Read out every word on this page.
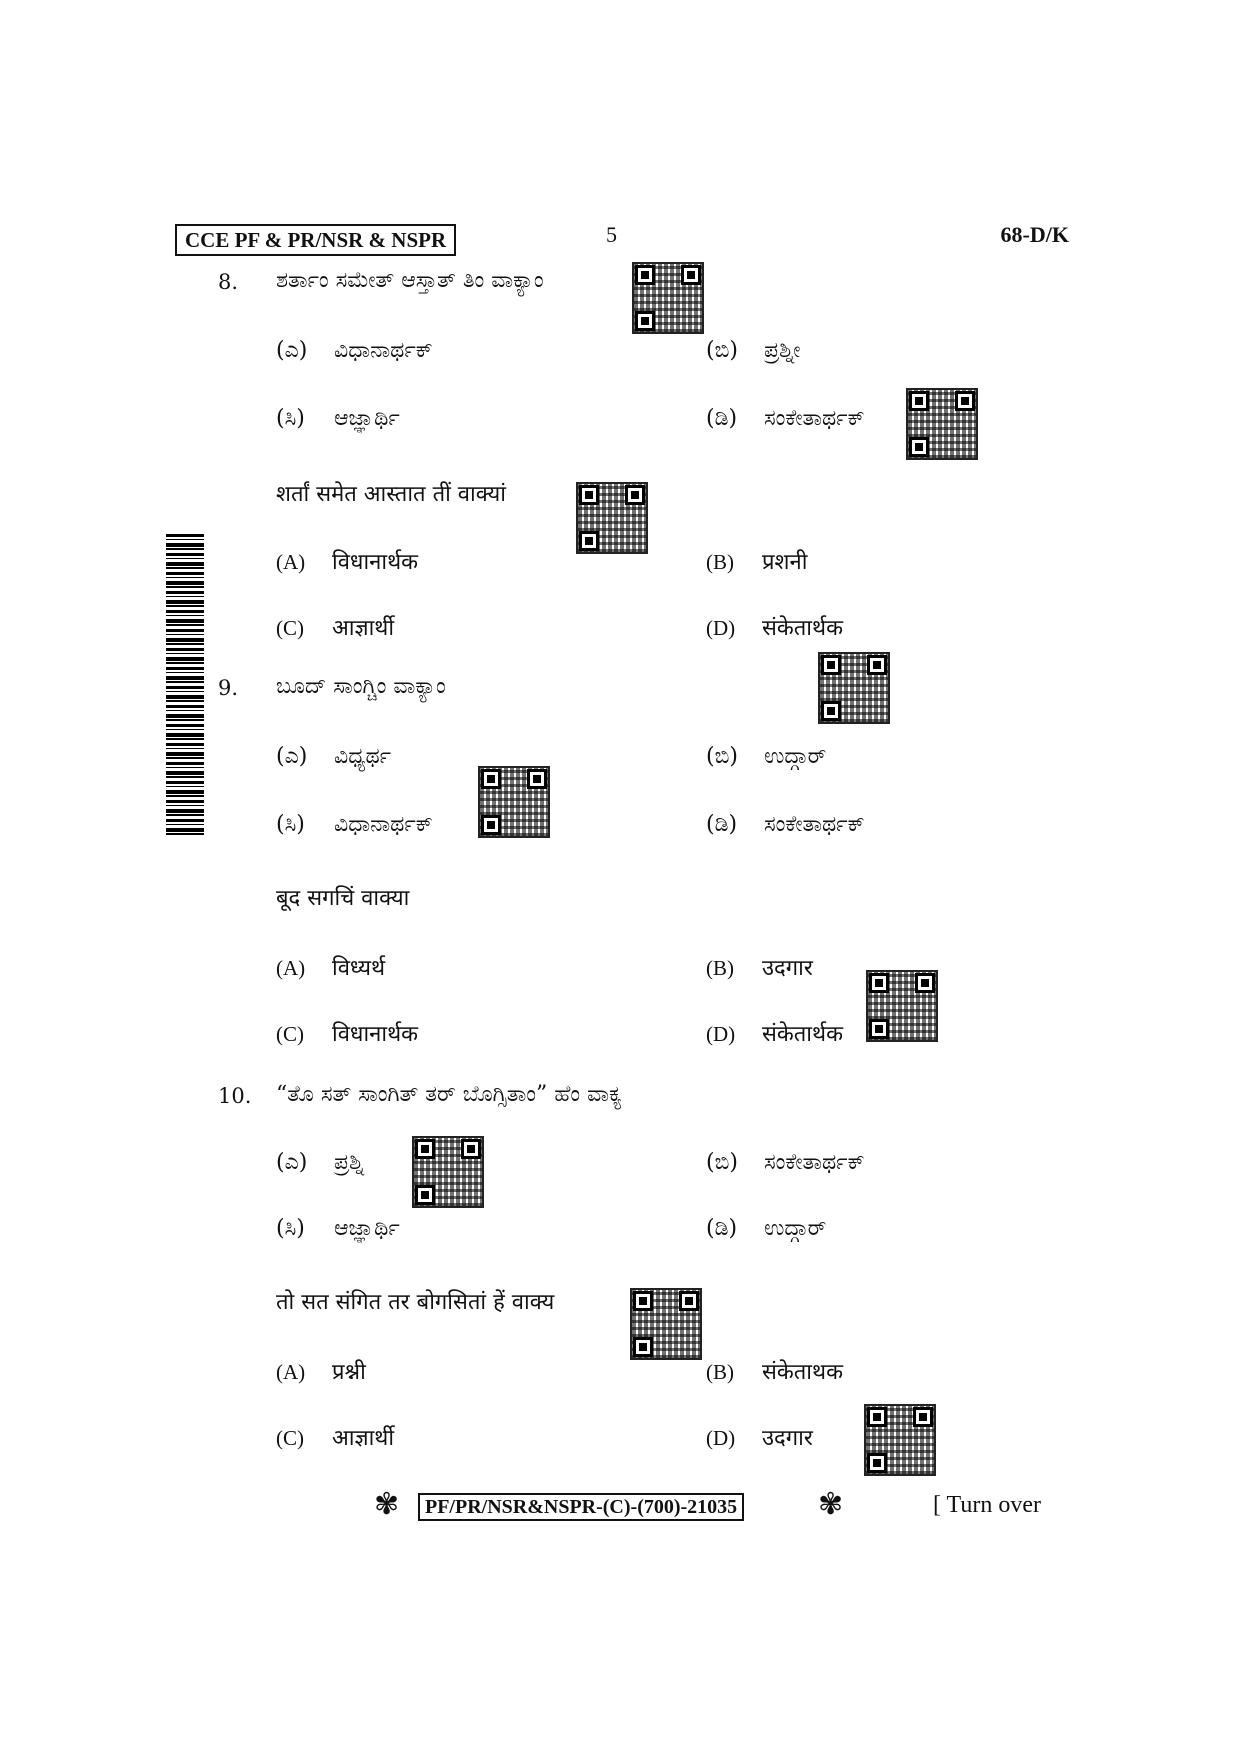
CCE PF & PR/NSR & NSPR	5	68-D/K
8. ಶರ್ತಾಂ ಸಮೇತ್ ಆಸ್ತಾತ್ ತಿಂ ವಾಕ್ಯಾಂ
(ಎ) ವಿಧಾನಾರ್ಥಕ್	(ಬಿ) ಪ್ರಶ್ನೀ
(ಸಿ) ಆಜ್ಞಾರ್ಥಿ	(ಡಿ) ಸಂಕೇತಾರ್ಥಕ್
शर्तां समेत आस्तात तीं वाक्यां
(A) विधानार्थक	(B) प्रशनी
(C) आज्ञार्थी	(D) संकेतार्थक
9. ಬೂದ್ ಸಾಂಗ್ಚಿಂ ವಾಕ್ಯಾಂ
(ಎ) ವಿಧ್ಯರ್ಥ	(ಬಿ) ಉದ್ಗಾರ್
(ಸಿ) ವಿಧಾನಾರ್ಥಕ್	(ಡಿ) ಸಂಕೇತಾರ್ಥಕ್
बूद सगचिं वाक्या
(A) विध्यर्थ	(B) उदगार
(C) विधानार्थक	(D) संकेतार्थक
10. “ತೊ ಸತ್ ಸಾಂಗಿತ್ ತರ್ ಬೊಗ್ಸಿತಾಂ” ಹೆಂ ವಾಕ್ಯ
(ಎ) ಪ್ರಶ್ನಿ	(ಬಿ) ಸಂಕೇತಾರ್ಥಕ್
(ಸಿ) ಆಜ್ಞಾರ್ಥಿ	(ಡಿ) ಉದ್ಗಾರ್
तो सत संगित तर बोगसितां हें वाक्य
(A) प्रश्नी	(B) संकेताथक
(C) आज्ञार्थी	(D) उदगार
✾	PF/PR/NSR&NSPR-(C)-(700)-21035	✾	[ Turn over
